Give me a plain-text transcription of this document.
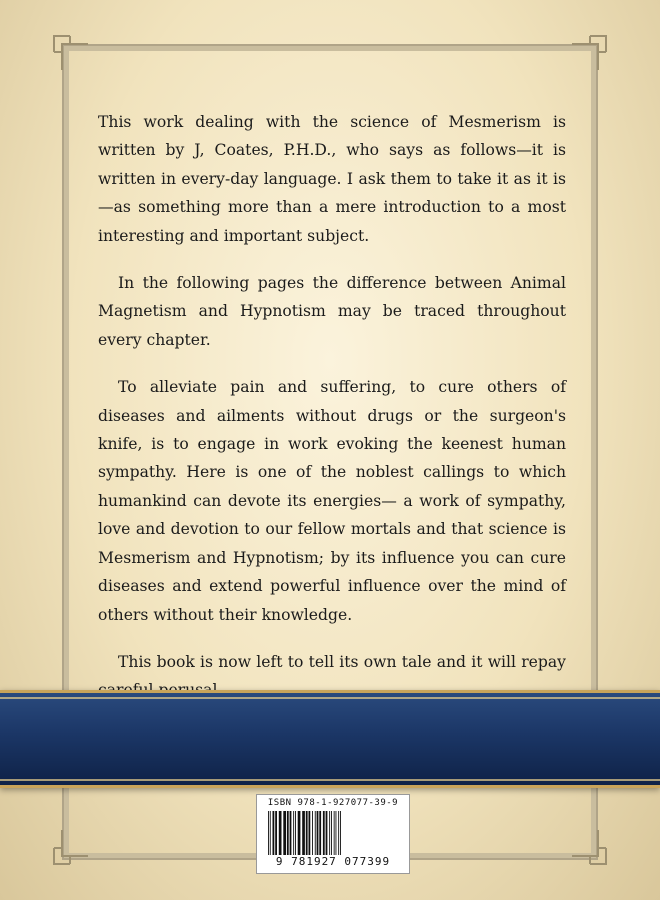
This work dealing with the science of Mesmerism is written by J, Coates, P.H.D., who says as follows—it is written in every-day language. I ask them to take it as it is—as something more than a mere introduction to a most interesting and important subject.

In the following pages the difference between Animal Magnetism and Hypnotism may be traced throughout every chapter.

To alleviate pain and suffering, to cure others of diseases and ailments without drugs or the surgeon's knife, is to engage in work evoking the keenest human sympathy. Here is one of the noblest callings to which humankind can devote its energies— a work of sympathy, love and devotion to our fellow mortals and that science is Mesmerism and Hypnotism; by its influence you can cure diseases and extend powerful influence over the mind of others without their knowledge.

This book is now left to tell its own tale and it will repay

ISBN 978-1-927077-39-9
9 781927 077399
